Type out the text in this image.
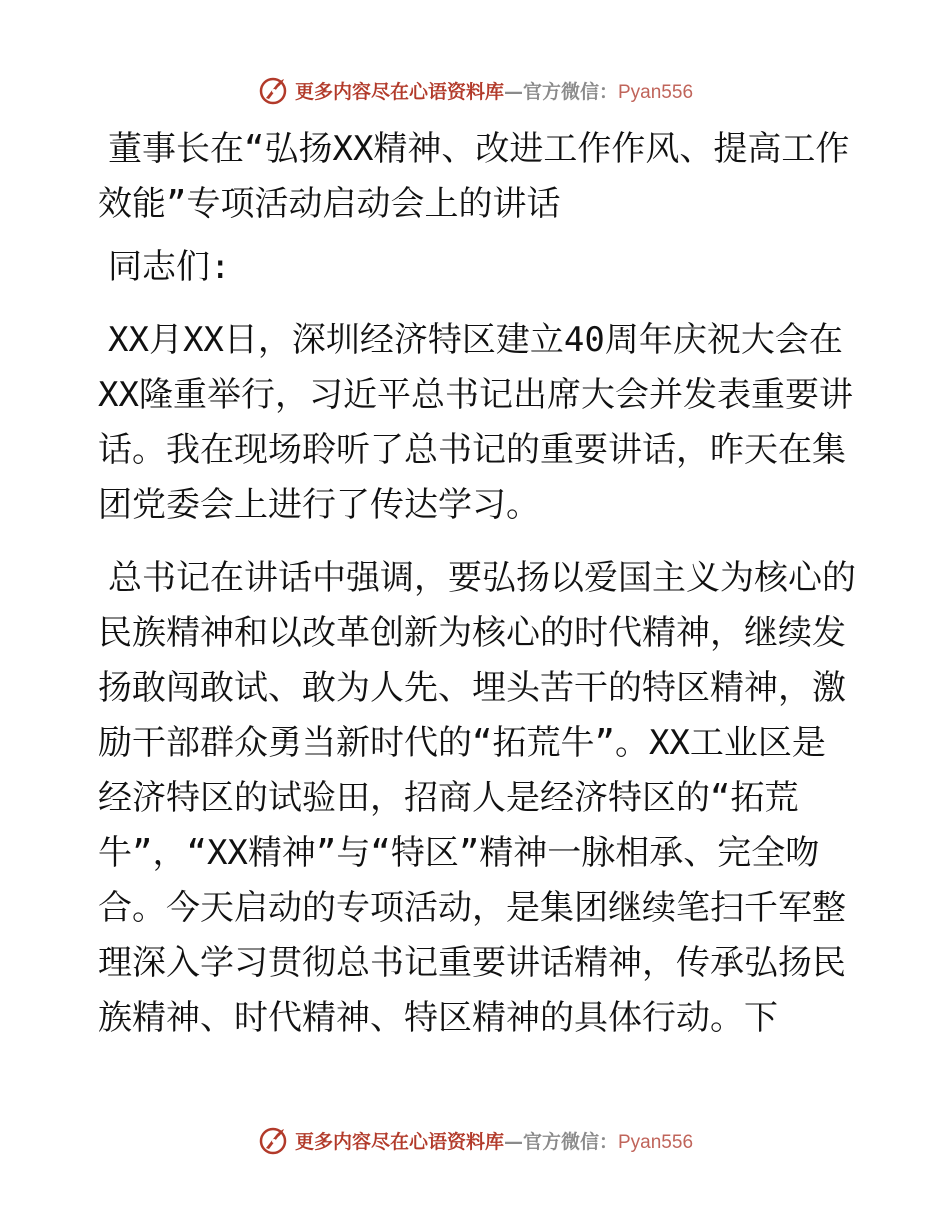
更多内容尽在心语资料库—官方微信：Pyan556

董事长在“弘扬XX精神、改进工作作风、提高工作效能”专项活动启动会上的讲话

同志们:

XX月XX日，深圳经济特区建立40周年庆祝大会在XX隆重举行，习近平总书记出席大会并发表重要讲话。我在现场聆听了总书记的重要讲话，昨天在集团党委会上进行了传达学习。

总书记在讲话中强调，要弘扬以爱国主义为核心的民族精神和以改革创新为核心的时代精神，继续发扬敢闯敢试、敢为人先、埋头苦干的特区精神，激励干部群众勇当新时代的“拓荒牛”。XX工业区是经济特区的试验田，招商人是经济特区的“拓荒牛”，“XX精神”与“特区”精神一脉相承、完全吻合。今天启动的专项活动，是集团继续笔扫千军整理深入学习贯彻总书记重要讲话精神，传承弘扬民族精神、时代精神、特区精神的具体行动。下

更多内容尽在心语资料库—官方微信：Pyan556
